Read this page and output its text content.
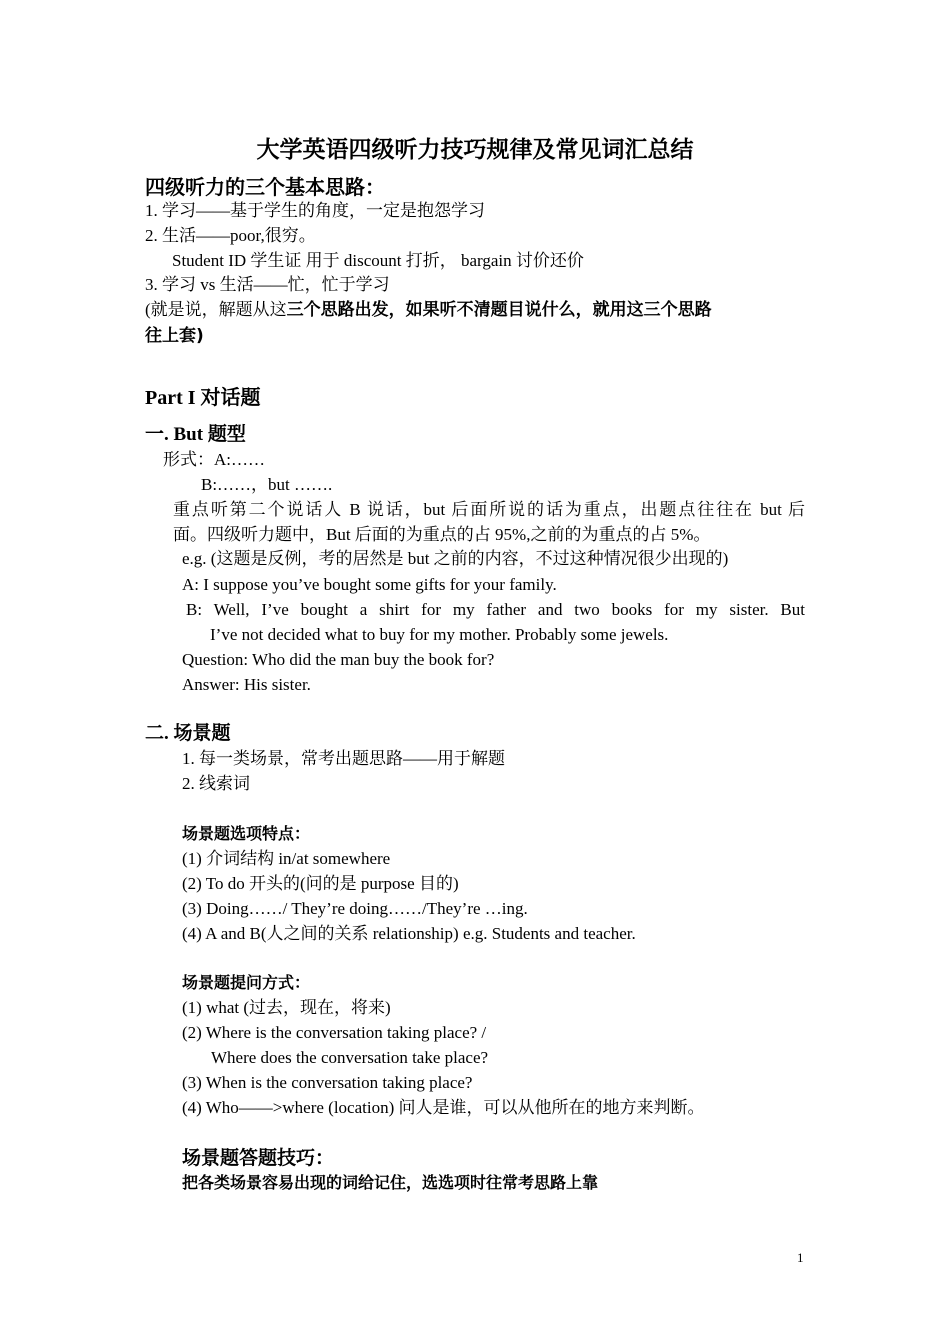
大学英语四级听力技巧规律及常见词汇总结
四级听力的三个基本思路：
1. 学习——基于学生的角度，一定是抱怨学习
2. 生活——poor,很穷。
Student ID 学生证 用于 discount 打折， bargain 讨价还价
3. 学习 vs 生活——忙，忙于学习
(就是说，解题从这三个思路出发，如果听不清题目说什么，就用这三个思路
往上套)
Part I 对话题
一. But 题型
形式：A:……
B:……，but …….
重点听第二个说话人 B 说话，but 后面所说的话为重点，出题点往往在 but 后
面。四级听力题中，But 后面的为重点的占 95%,之前的为重点的占 5%。
e.g. (这题是反例，考的居然是 but 之前的内容，不过这种情况很少出现的)
A: I suppose you’ve bought some gifts for your family.
B: Well, I’ve bought a shirt for my father and two books for my sister. But
I’ve not decided what to buy for my mother. Probably some jewels.
Question: Who did the man buy the book for?
Answer: His sister.
二. 场景题
1. 每一类场景，常考出题思路——用于解题
2. 线索词
场景题选项特点：
(1) 介词结构 in/at somewhere
(2) To do 开头的(问的是 purpose 目的)
(3) Doing……/ They’re doing……/They’re …ing.
(4) A and B(人之间的关系 relationship) e.g. Students and teacher.
场景题提问方式：
(1) what (过去，现在，将来)
(2) Where is the conversation taking place? /
Where does the conversation take place?
(3) When is the conversation taking place?
(4) Who——>where (location) 问人是谁，可以从他所在的地方来判断。
场景题答题技巧：
把各类场景容易出现的词给记住，选选项时往常考思路上靠
1
